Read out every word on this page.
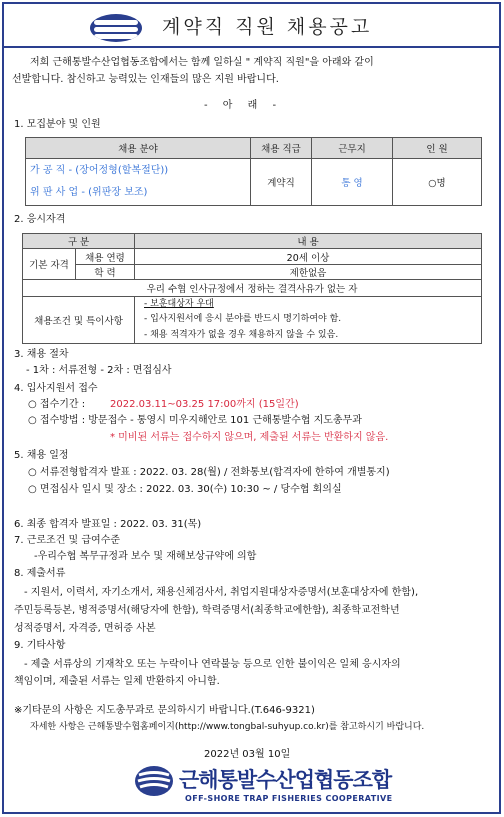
계약직 직원 채용공고
저희 근해통발수산업협동조합에서는 함께 일하실 " 계약직 직원"을 아래와 같이
선발합니다. 참신하고 능력있는 인재들의 많은 지원 바랍니다.
- 아 래 -
1. 모집분야 및 인원
채용 분야	채용 직급	근무지	인 원
가 공 직 - (장어정형(할복절단))
위 판 사 업 - (위판장 보조)
계약직	통 영	○명
2. 응시자격
구 분	내 용
기본 자격
채용 연령	20세 이상
학 력	제한없음
우리 수협 인사규정에서 정하는 결격사유가 없는 자
채용조건 및 특이사항
- 보훈대상자 우대
- 입사지원서에 응시 분야를 반드시 명기하여야 함.
- 채용 적격자가 없을 경우 채용하지 않을 수 있음.
3. 채용 절차
- 1차 : 서류전형 - 2차 : 면접심사
4. 입사지원서 접수
○ 접수기간 : 2022.03.11~03.25 17:00까지 (15일간)
○ 접수방법 : 방문접수 - 통영시 미우지해안로 101 근해통발수협 지도총무과
* 미비된 서류는 접수하지 않으며, 제출된 서류는 반환하지 않음.
5. 채용 일정
○ 서류전형합격자 발표 : 2022. 03. 28(월) / 전화통보(합격자에 한하여 개별통지)
○ 면접심사 일시 및 장소 : 2022. 03. 30(수) 10:30 ~ / 당수협 회의실
6. 최종 합격자 발표일 : 2022. 03. 31(목)
7. 근로조건 및 급여수준
-우리수협 복무규정과 보수 및 재해보상규약에 의함
8. 제출서류
- 지원서, 이력서, 자기소개서, 채용신체검사서, 취업지원대상자증명서(보훈대상자에 한함),
주민등록등본, 병적증명서(해당자에 한함), 학력증명서(최종학교에한함), 최종학교전학년
성적증명서, 자격증, 면허증 사본
9. 기타사항
- 제출 서류상의 기재착오 또는 누락이나 연락불능 등으로 인한 불이익은 일체 응시자의
책임이며, 제출된 서류는 일체 반환하지 아니함.
※기타문의 사항은 지도총무과로 문의하시기 바랍니다.(T.646-9321)
자세한 사항은 근해통발수협홈페이지(http://www.tongbal-suhyup.co.kr)를 참고하시기 바랍니다.
2022년 03월 10일
근해통발수산업협동조합
OFF-SHORE TRAP FISHERIES COOPERATIVE
